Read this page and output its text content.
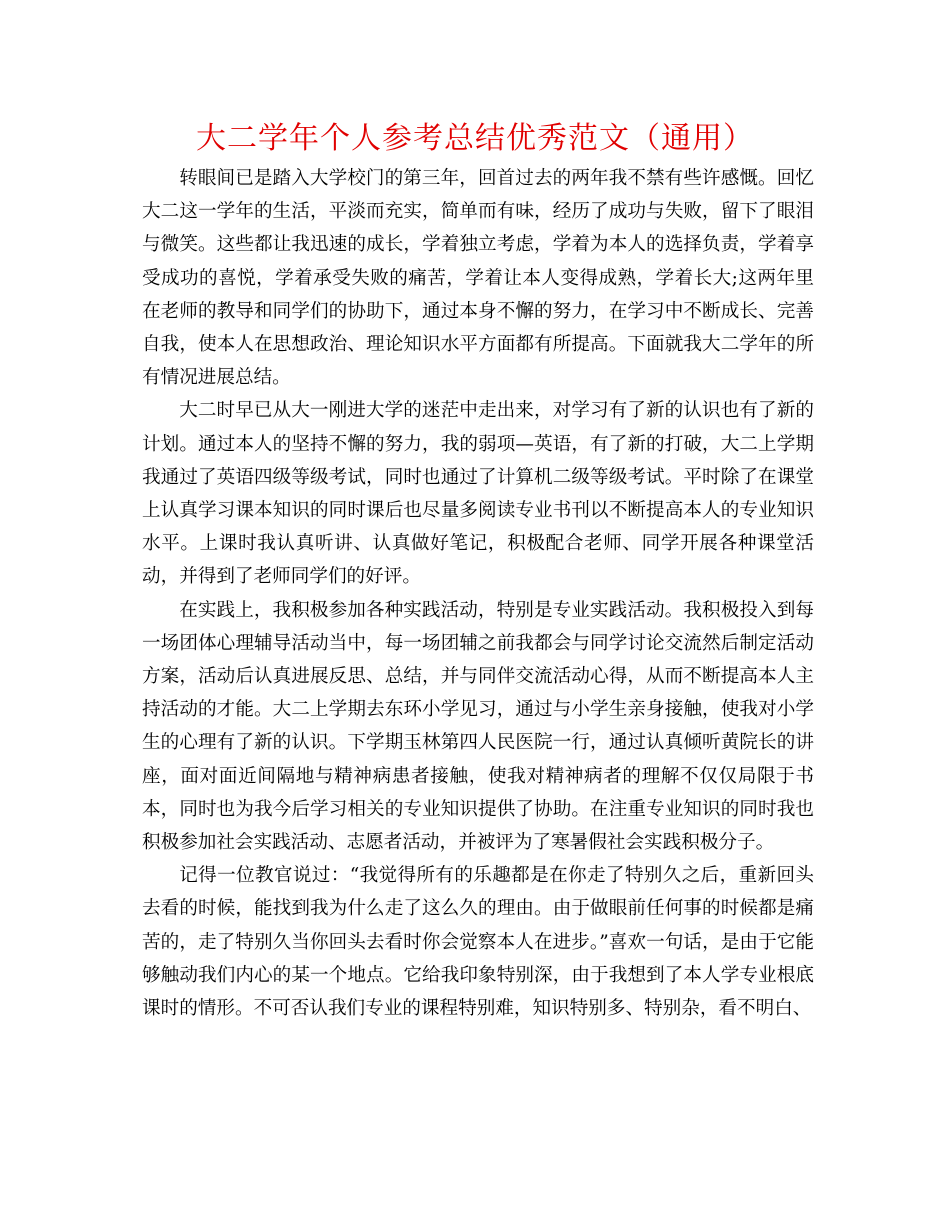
大二学年个人参考总结优秀范文（通用）

转眼间已是踏入大学校门的第三年，回首过去的两年我不禁有些许感慨。回忆大二这一学年的生活，平淡而充实，简单而有味，经历了成功与失败，留下了眼泪与微笑。这些都让我迅速的成长，学着独立考虑，学着为本人的选择负责，学着享受成功的喜悦，学着承受失败的痛苦，学着让本人变得成熟，学着长大;这两年里在老师的教导和同学们的协助下，通过本身不懈的努力，在学习中不断成长、完善自我，使本人在思想政治、理论知识水平方面都有所提高。下面就我大二学年的所有情况进展总结。

大二时早已从大一刚进大学的迷茫中走出来，对学习有了新的认识也有了新的计划。通过本人的坚持不懈的努力，我的弱项—英语，有了新的打破，大二上学期我通过了英语四级等级考试，同时也通过了计算机二级等级考试。平时除了在课堂上认真学习课本知识的同时课后也尽量多阅读专业书刊以不断提高本人的专业知识水平。上课时我认真听讲、认真做好笔记，积极配合老师、同学开展各种课堂活动，并得到了老师同学们的好评。

在实践上，我积极参加各种实践活动，特别是专业实践活动。我积极投入到每一场团体心理辅导活动当中，每一场团辅之前我都会与同学讨论交流然后制定活动方案，活动后认真进展反思、总结，并与同伴交流活动心得，从而不断提高本人主持活动的才能。大二上学期去东环小学见习，通过与小学生亲身接触，使我对小学生的心理有了新的认识。下学期玉林第四人民医院一行，通过认真倾听黄院长的讲座，面对面近间隔地与精神病患者接触，使我对精神病者的理解不仅仅局限于书本，同时也为我今后学习相关的专业知识提供了协助。在注重专业知识的同时我也积极参加社会实践活动、志愿者活动，并被评为了寒暑假社会实践积极分子。

记得一位教官说过：“我觉得所有的乐趣都是在你走了特别久之后，重新回头去看的时候，能找到我为什么走了这么久的理由。由于做眼前任何事的时候都是痛苦的，走了特别久当你回头去看时你会觉察本人在进步。”喜欢一句话，是由于它能够触动我们内心的某一个地点。它给我印象特别深，由于我想到了本人学专业根底课时的情形。不可否认我们专业的课程特别难，知识特别多、特别杂，看不明白、
